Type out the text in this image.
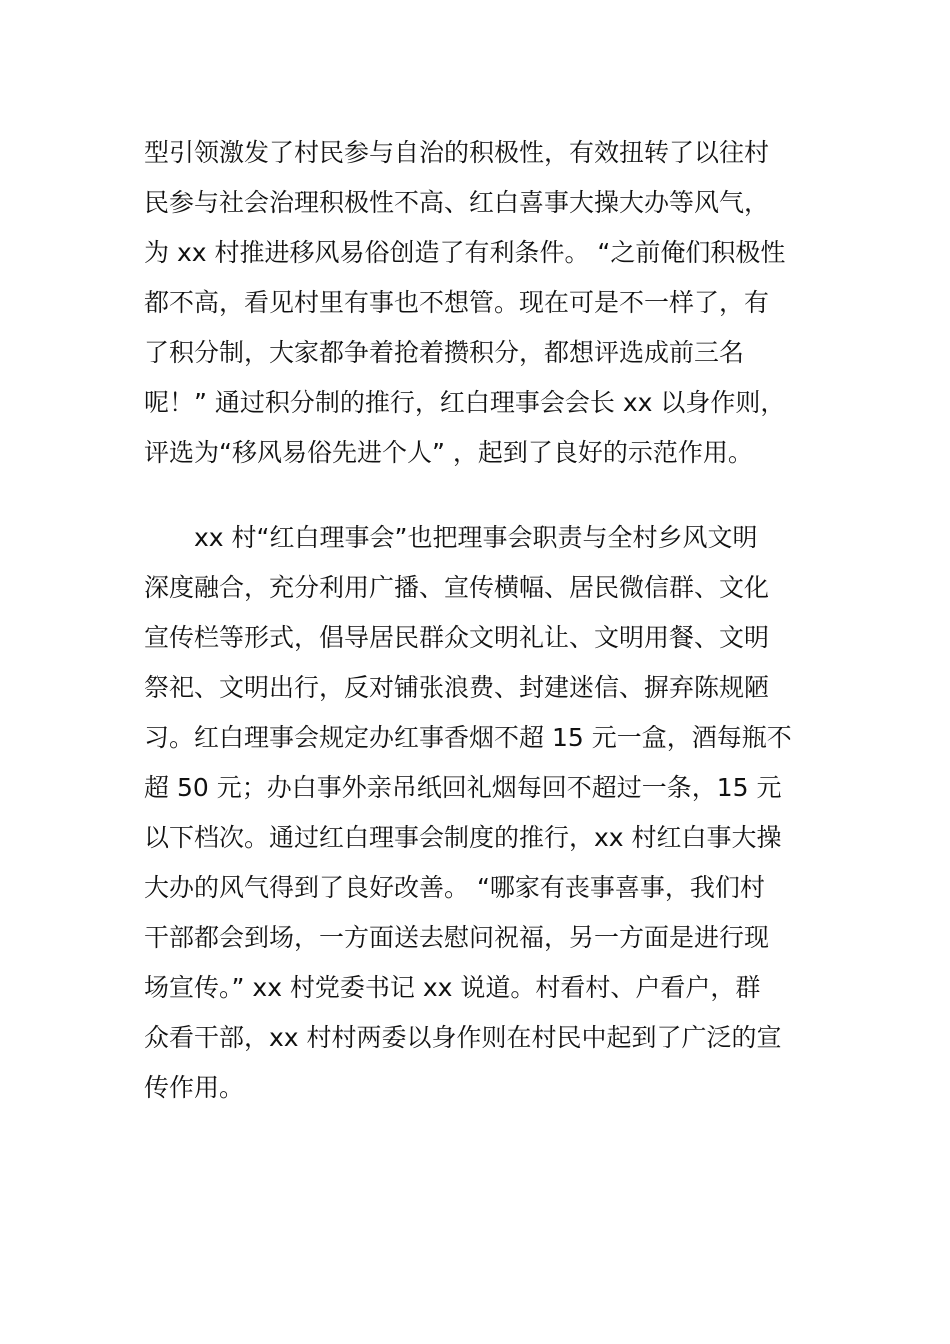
型引领激发了村民参与自治的积极性，有效扭转了以往村
民参与社会治理积极性不高、红白喜事大操大办等风气，
为 xx 村推进移风易俗创造了有利条件。 “之前俺们积极性
都不高，看见村里有事也不想管。现在可是不一样了，有
了积分制，大家都争着抢着攒积分，都想评选成前三名
呢！” 通过积分制的推行，红白理事会会长 xx 以身作则，
评选为“移风易俗先进个人” ，起到了良好的示范作用。

xx 村“红白理事会”也把理事会职责与全村乡风文明
深度融合，充分利用广播、宣传横幅、居民微信群、文化
宣传栏等形式，倡导居民群众文明礼让、文明用餐、文明
祭祀、文明出行，反对铺张浪费、封建迷信、摒弃陈规陋
习。红白理事会规定办红事香烟不超 15 元一盒，酒每瓶不
超 50 元；办白事外亲吊纸回礼烟每回不超过一条，15 元
以下档次。通过红白理事会制度的推行，xx 村红白事大操
大办的风气得到了良好改善。 “哪家有丧事喜事，我们村
干部都会到场，一方面送去慰问祝福，另一方面是进行现
场宣传。” xx 村党委书记 xx 说道。村看村、户看户，群
众看干部，xx 村村两委以身作则在村民中起到了广泛的宣
传作用。
